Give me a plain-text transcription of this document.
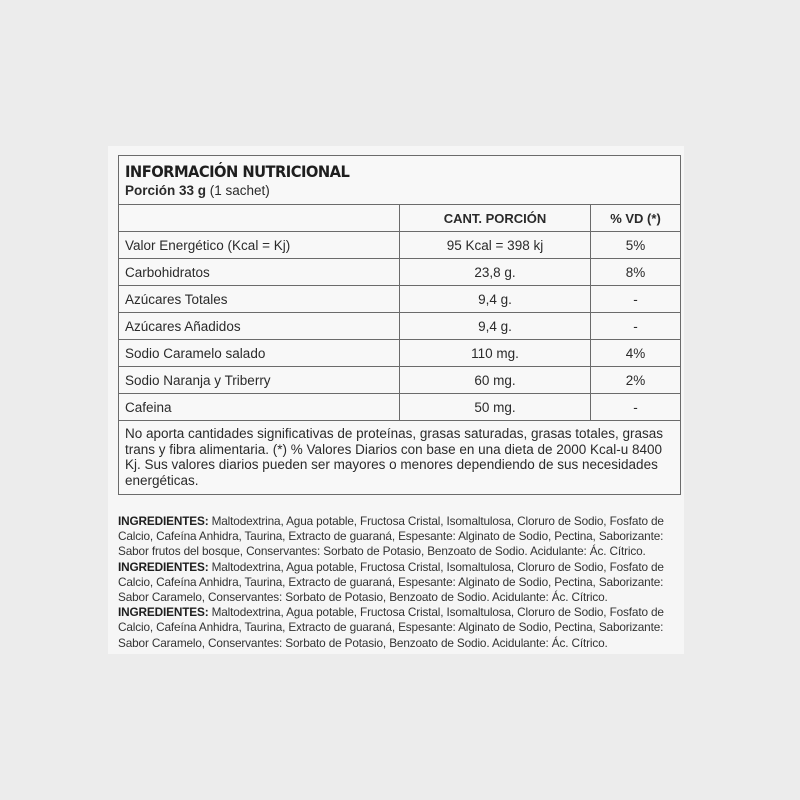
INFORMACIÓN NUTRICIONAL
Porción 33 g (1 sachet)
	CANT. PORCIÓN	% VD (*)
Valor Energético (Kcal = Kj)	95 Kcal = 398 kj	5%
Carbohidratos	23,8 g.	8%
Azúcares Totales	9,4 g.	-
Azúcares Añadidos	9,4 g.	-
Sodio Caramelo salado	110 mg.	4%
Sodio Naranja y Triberry	60 mg.	2%
Cafeina	50 mg.	-
No aporta cantidades significativas de proteínas, grasas saturadas, grasas totales, grasas trans y fibra alimentaria. (*) % Valores Diarios con base en una dieta de 2000 Kcal-u 8400 Kj. Sus valores diarios pueden ser mayores o menores dependiendo de sus necesidades energéticas.
INGREDIENTES: Maltodextrina, Agua potable, Fructosa Cristal, Isomaltulosa, Cloruro de Sodio, Fosfato de Calcio, Cafeína Anhidra, Taurina, Extracto de guaraná, Espesante: Alginato de Sodio, Pectina, Saborizante: Sabor frutos del bosque, Conservantes: Sorbato de Potasio, Benzoato de Sodio. Acidulante: Ác. Cítrico. INGREDIENTES: Maltodextrina, Agua potable, Fructosa Cristal, Isomaltulosa, Cloruro de Sodio, Fosfato de Calcio, Cafeína Anhidra, Taurina, Extracto de guaraná, Espesante: Alginato de Sodio, Pectina, Saborizante: Sabor Caramelo, Conservantes: Sorbato de Potasio, Benzoato de Sodio. Acidulante: Ác. Cítrico. INGREDIENTES: Maltodextrina, Agua potable, Fructosa Cristal, Isomaltulosa, Cloruro de Sodio, Fosfato de Calcio, Cafeína Anhidra, Taurina, Extracto de guaraná, Espesante: Alginato de Sodio, Pectina, Saborizante: Sabor Caramelo, Conservantes: Sorbato de Potasio, Benzoato de Sodio. Acidulante: Ác. Cítrico.
